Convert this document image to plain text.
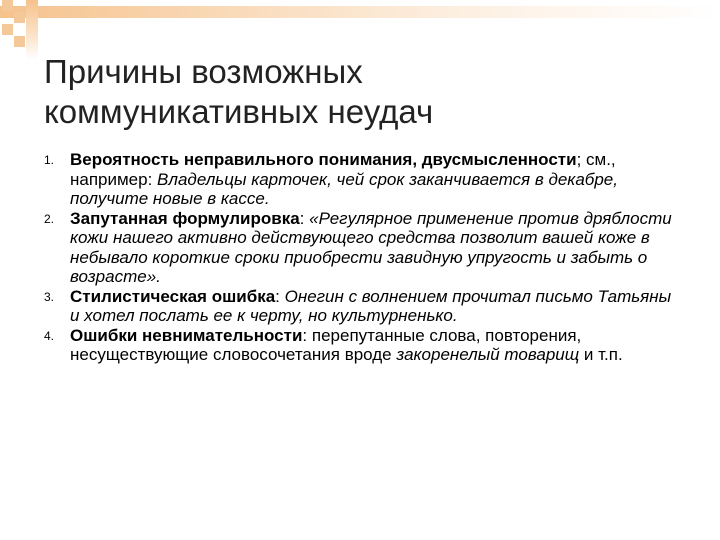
Причины возможных
коммуникативных неудач
1. Вероятность неправильного понимания, двусмысленности; см., например: Владельцы карточек, чей срок заканчивается в декабре, получите новые в кассе.
2. Запутанная формулировка: «Регулярное применение против дряблости кожи нашего активно действующего средства позволит вашей коже в небывало короткие сроки приобрести завидную упругость и забыть о возрасте».
3. Стилистическая ошибка: Онегин с волнением прочитал письмо Татьяны и хотел послать ее к черту, но культурненько.
4. Ошибки невнимательности: перепутанные слова, повторения, несуществующие словосочетания вроде закоренелый товарищ и т.п.
